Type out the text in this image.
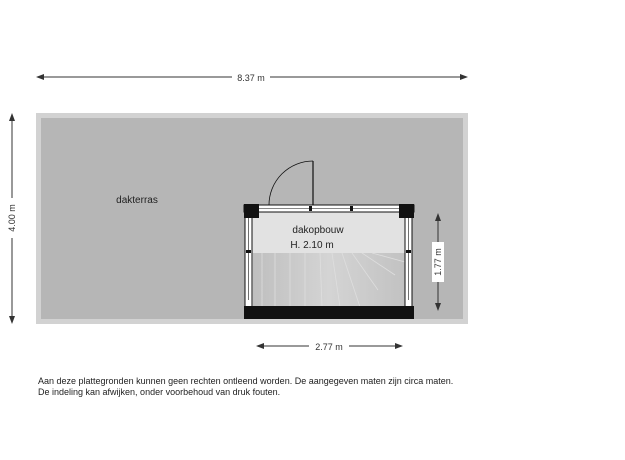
8.37 m
4.00 m
dakterras
dakopbouw
H. 2.10 m
1.77 m
2.77 m
Aan deze plattegronden kunnen geen rechten ontleend worden. De aangegeven maten zijn circa maten.
De indeling kan afwijken, onder voorbehoud van druk fouten.
